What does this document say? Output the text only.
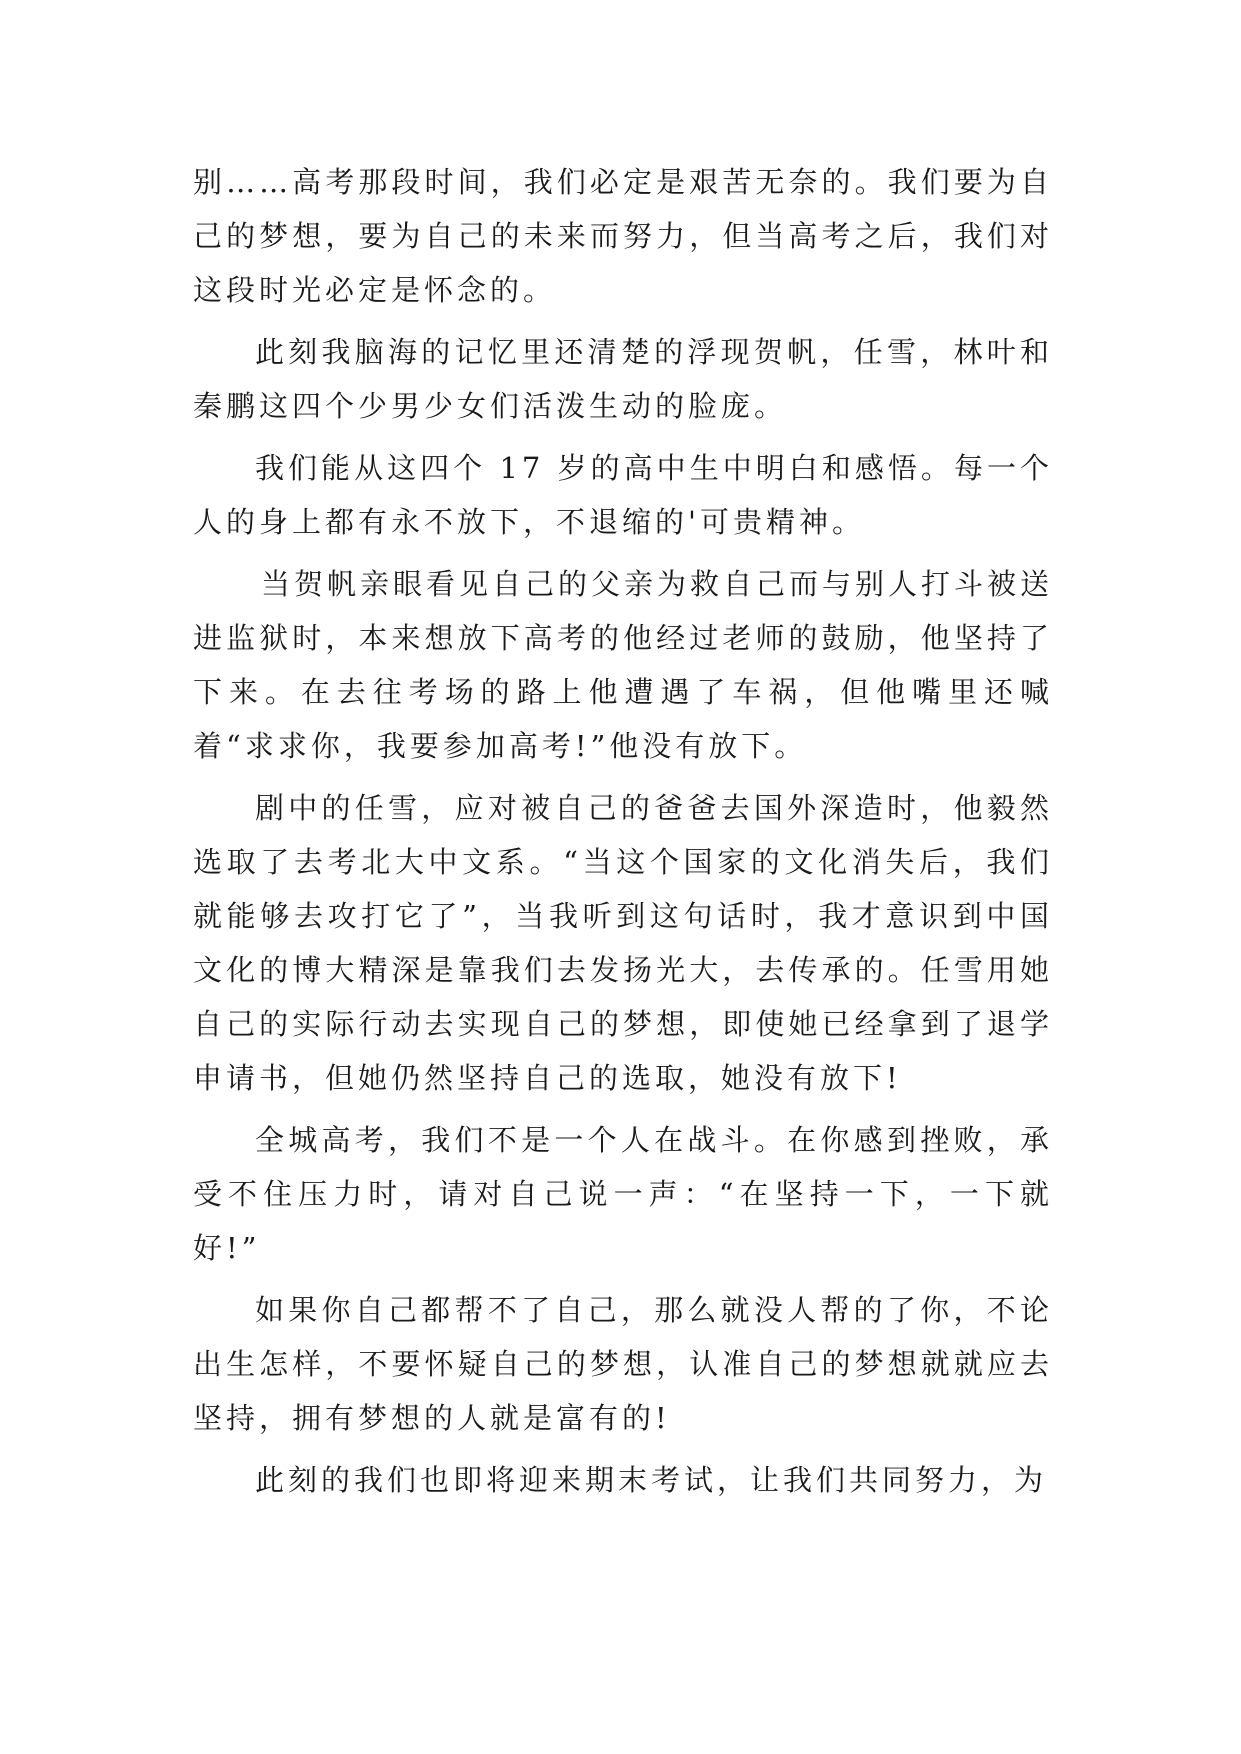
别……高考那段时间，我们必定是艰苦无奈的。我们要为自己的梦想，要为自己的未来而努力，但当高考之后，我们对这段时光必定是怀念的。

此刻我脑海的记忆里还清楚的浮现贺帆，任雪，林叶和秦鹏这四个少男少女们活泼生动的脸庞。

我们能从这四个 17 岁的高中生中明白和感悟。每一个人的身上都有永不放下，不退缩的'可贵精神。

当贺帆亲眼看见自己的父亲为救自己而与别人打斗被送进监狱时，本来想放下高考的他经过老师的鼓励，他坚持了下来。在去往考场的路上他遭遇了车祸，但他嘴里还喊着“求求你，我要参加高考!”他没有放下。

剧中的任雪，应对被自己的爸爸去国外深造时，他毅然选取了去考北大中文系。“当这个国家的文化消失后，我们就能够去攻打它了”，当我听到这句话时，我才意识到中国文化的博大精深是靠我们去发扬光大，去传承的。任雪用她自己的实际行动去实现自己的梦想，即使她已经拿到了退学申请书，但她仍然坚持自己的选取，她没有放下!

全城高考，我们不是一个人在战斗。在你感到挫败，承受不住压力时，请对自己说一声：“在坚持一下，一下就好!”

如果你自己都帮不了自己，那么就没人帮的了你，不论出生怎样，不要怀疑自己的梦想，认准自己的梦想就就应去坚持，拥有梦想的人就是富有的!

此刻的我们也即将迎来期末考试，让我们共同努力，为
